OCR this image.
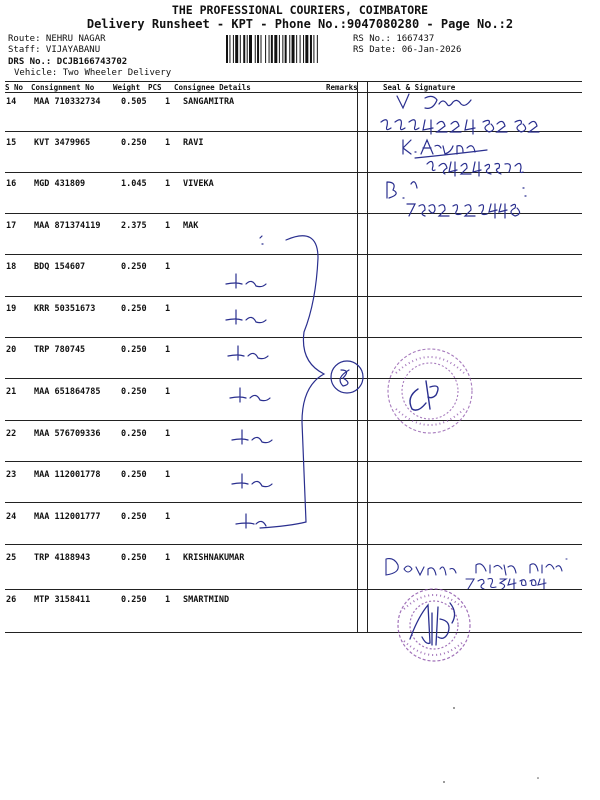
THE PROFESSIONAL COURIERS, COIMBATORE
Delivery Runsheet - KPT - Phone No.:9047080280 - Page No.:2
Route: NEHRU NAGAR
Staff: VIJAYABANU
DRS No.: DCJB166743702
Vehicle: Two Wheeler Delivery
RS No.: 1667437
RS Date: 06-Jan-2026
S No Consignment No	Weight PCS Consignee Details	Remarks	Seal & Signature
14 MAA 710332734 0.505 1 SANGAMITRA
15 KVT 3479965	0.250 1 RAVI
16 MGD 431809	1.045 1 VIVEKA
17 MAA 871374119 2.375 1 MAK
18 BDQ 154607	0.250 1
19 KRR 50351673	0.250 1
20 TRP 780745	0.250 1
21 MAA 651864785 0.250 1
22 MAA 576709336 0.250 1
23 MAA 112001778 0.250 1
24 MAA 112001777 0.250 1
25 TRP 4188943	0.250 1 KRISHNAKUMAR
26 MTP 3158411	0.250 1 SMARTMIND
